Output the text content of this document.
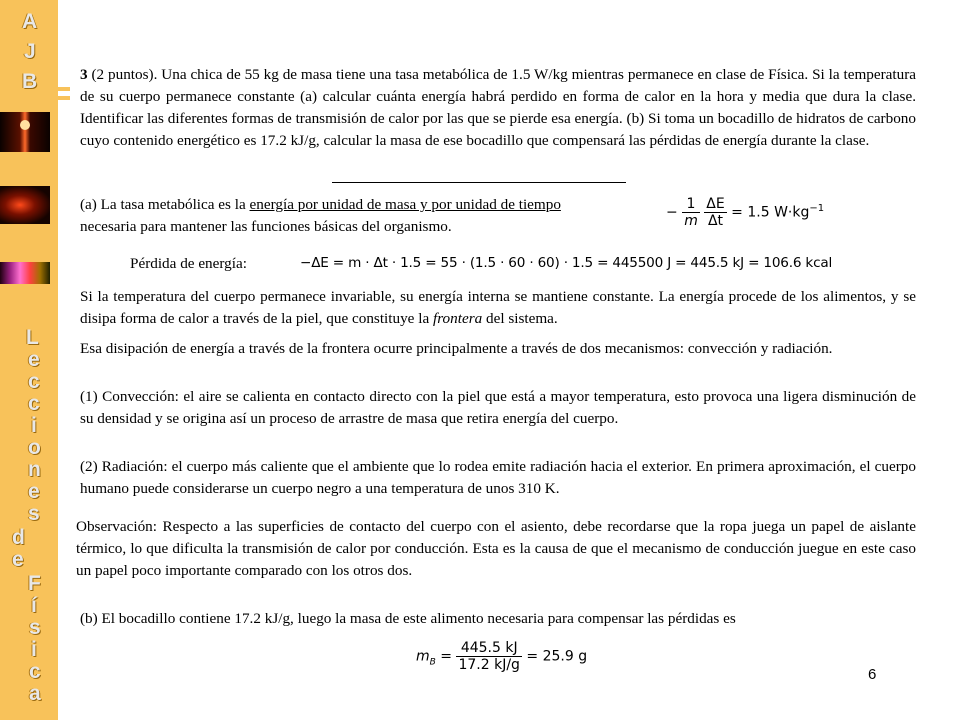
A
J
B
L
e
c
c
i
o
n
e
s
d
e
F
í
s
i
c
a

3 (2 puntos). Una chica de 55 kg de masa tiene una tasa metabólica de 1.5 W/kg mientras permanece en clase de Física. Si la temperatura de su cuerpo permanece constante (a) calcular cuánta energía habrá perdido en forma de calor en la hora y media que dura la clase. Identificar las diferentes formas de transmisión de calor por las que se pierde esa energía. (b) Si toma un bocadillo de hidratos de carbono cuyo contenido energético es 17.2 kJ/g, calcular la masa de ese bocadillo que compensará las pérdidas de energía durante la clase.

(a) La tasa metabólica es la energía por unidad de masa y por unidad de tiempo necesaria para mantener las funciones básicas del organismo.

− $\frac{1}{m}$
$\frac{\Delta E}{\Delta t} = 1.5$ $W\cdot kg^{-1}$
Pérdida de energía:	−ΔE = m · Δt · 1.5 = 55 · (1.5 · 60 · 60) · 1.5 = 445500 J = 445.5 kJ = 106.6 kcal

Si la temperatura del cuerpo permanece invariable, su energía interna se mantiene constante. La energía procede de los alimentos, y se disipa forma de calor a través de la piel, que constituye la frontera del sistema.

Esa disipación de energía a través de la frontera ocurre principalmente a través de dos mecanismos: convección y radiación.

(1) Convección: el aire se calienta en contacto directo con la piel que está a mayor temperatura, esto provoca una ligera disminución de su densidad y se origina así un proceso de arrastre de masa que retira energía del cuerpo.

(2) Radiación: el cuerpo más caliente que el ambiente que lo rodea emite radiación hacia el exterior. En primera aproximación, el cuerpo humano puede considerarse un cuerpo negro a una temperatura de unos 310 K.

Observación: Respecto a las superficies de contacto del cuerpo con el asiento, debe recordarse que la ropa juega un papel de aislante térmico, lo que dificulta la transmisión de calor por conducción. Esta es la causa de que el mecanismo de conducción juegue en este caso un papel poco importante comparado con los otros dos.

(b) El bocadillo contiene 17.2 kJ/g, luego la masa de este alimento necesaria para compensar las pérdidas es

$m_B = \frac{445.5 kJ}{17.2 kJ/g} = 25.9$ g
6
